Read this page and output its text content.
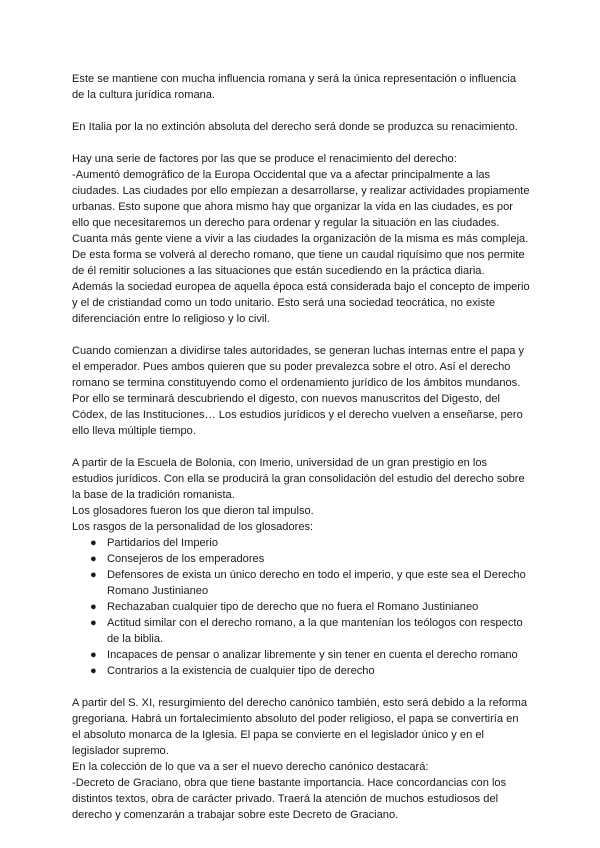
Este se mantiene con mucha influencia romana y será la única representación o influencia de la cultura jurídica romana.

En Italia por la no extinción absoluta del derecho será donde se produzca su renacimiento.

Hay una serie de factores por las que se produce el renacimiento del derecho:

-Aumentó demográfico de la Europa Occidental que va a afectar principalmente a las ciudades. Las ciudades por ello empiezan a desarrollarse, y realizar actividades propiamente urbanas. Esto supone que ahora mismo hay que organizar la vida en las ciudades, es por ello que necesitaremos un derecho para ordenar y regular la situación en las ciudades. Cuanta más gente viene a vivir a las ciudades la organización de la misma es más compleja. De esta forma se volverá al derecho romano, que tiene un caudal riquísimo que nos permite de él remitir soluciones a las situaciones que están sucediendo en la práctica diaria.

Además la sociedad europea de aquella época está considerada bajo el concepto de imperio y el de cristiandad como un todo unitario. Esto será una sociedad teocrática, no existe diferenciación entre lo religioso y lo civil.

Cuando comienzan a dividirse tales autoridades, se generan luchas internas entre el papa y el emperador. Pues ambos quieren que su poder prevalezca sobre el otro. Así el derecho romano se termina constituyendo como el ordenamiento jurídico de los ámbitos mundanos. Por ello se terminará descubriendo el digesto, con nuevos manuscritos del Digesto, del Códex, de las Instituciones… Los estudios jurídicos y el derecho vuelven a enseñarse, pero ello lleva múltiple tiempo.

A partir de la Escuela de Bolonia, con Imerio, universidad de un gran prestigio en los estudios jurídicos. Con ella se producirá la gran consolidación del estudio del derecho sobre la base de la tradición romanista.

Los glosadores fueron los que dieron tal impulso.

Los rasgos de la personalidad de los glosadores:

● Partidarios del Imperio
● Consejeros de los emperadores
● Defensores de exista un único derecho en todo el imperio, y que este sea el Derecho Romano Justinianeo
● Rechazaban cualquier tipo de derecho que no fuera el Romano Justinianeo
● Actitud similar con el derecho romano, a la que mantenían los teólogos con respecto de la biblia.
● Incapaces de pensar o analizar libremente y sin tener en cuenta el derecho romano
● Contrarios a la existencia de cualquier tipo de derecho

A partir del S. XI, resurgimiento del derecho canónico también, esto será debido a la reforma gregoriana. Habrá un fortalecimiento absoluto del poder religioso, el papa se convertiría en el absoluto monarca de la Iglesia. El papa se convierte en el legislador único y en el legislador supremo.

En la colección de lo que va a ser el nuevo derecho canónico destacará:

-Decreto de Graciano, obra que tiene bastante importancia. Hace concordancias con los distintos textos, obra de carácter privado. Traerá la atención de muchos estudiosos del derecho y comenzarán a trabajar sobre este Decreto de Graciano.
